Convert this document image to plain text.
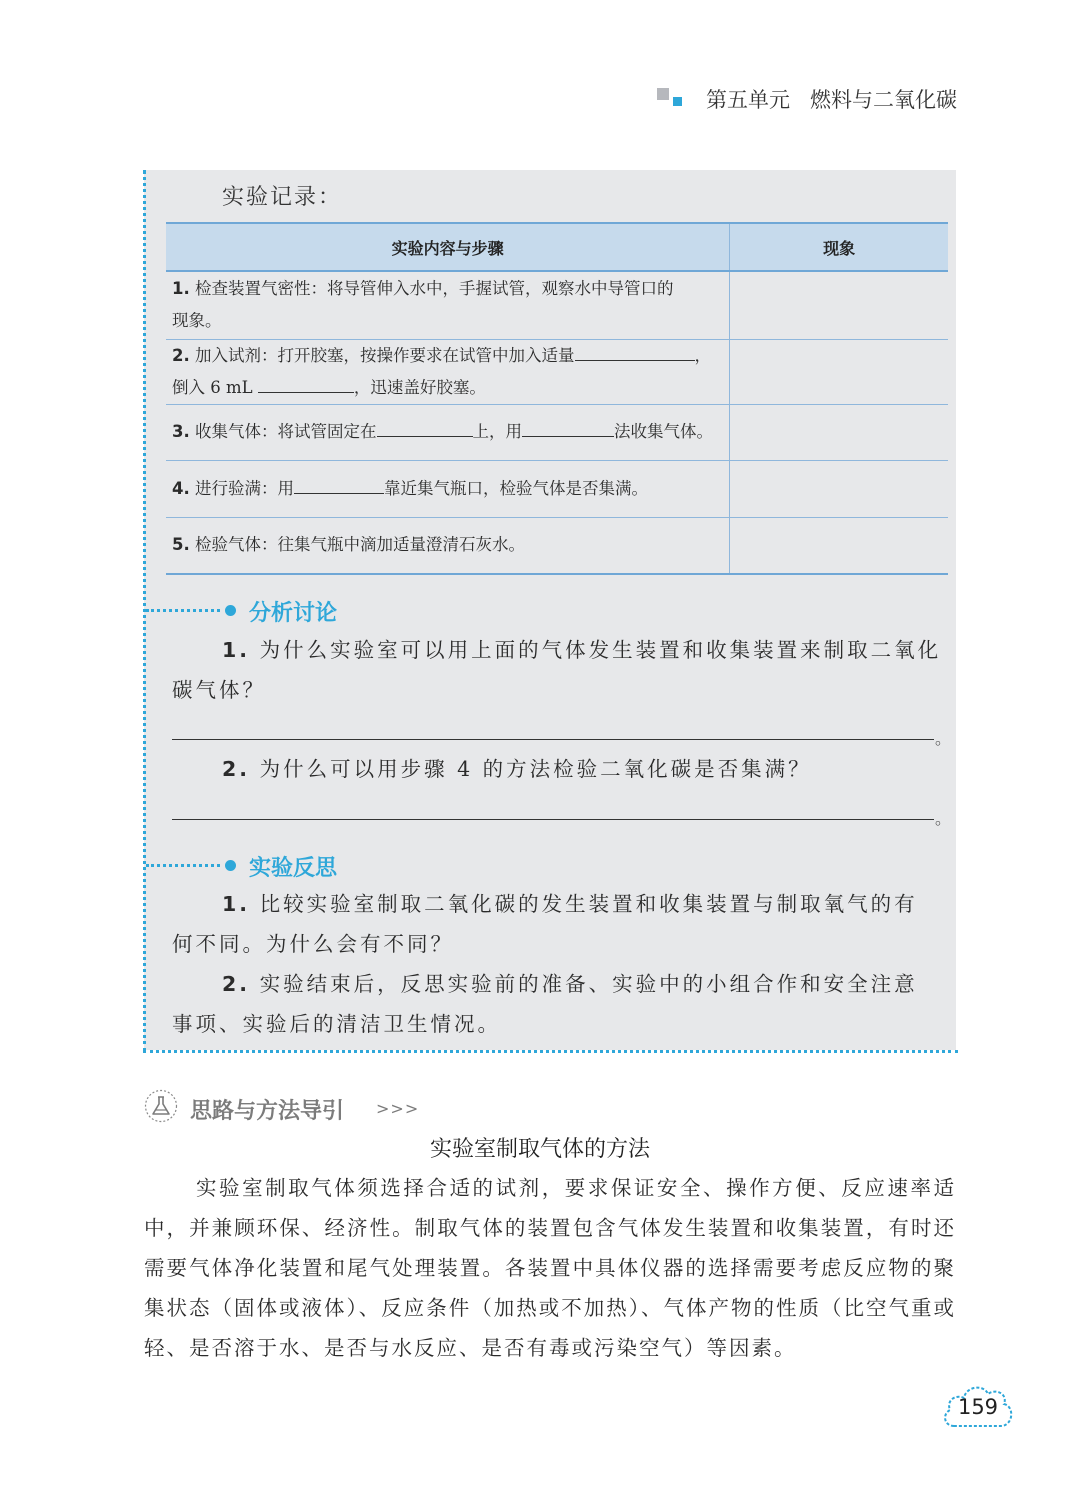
第五单元 燃料与二氧化碳
实验记录：
实验内容与步骤	现象
1. 检查装置气密性：将导管伸入水中，手握试管，观察水中导管口的
现象。	
2. 加入试剂：打开胶塞，按操作要求在试管中加入适量 ，
倒入 6 mL ，迅速盖好胶塞。	
3. 收集气体：将试管固定在 上，用 法收集气体。	
4. 进行验满：用 靠近集气瓶口，检验气体是否集满。	
5. 检验气体：往集气瓶中滴加适量澄清石灰水。	
分析讨论
1. 为什么实验室可以用上面的气体发生装置和收集装置来制取二氧化
碳气体？
。
2. 为什么可以用步骤 4 的方法检验二氧化碳是否集满？
。
实验反思
1. 比较实验室制取二氧化碳的发生装置和收集装置与制取氧气的有
何不同。为什么会有不同？
2. 实验结束后，反思实验前的准备、实验中的小组合作和安全注意
事项、实验后的清洁卫生情况。
思路与方法导引 >>>
实验室制取气体的方法
实验室制取气体须选择合适的试剂，要求保证安全、操作方便、反应速率适中，并兼顾环保、经济性。制取气体的装置包含气体发生装置和收集装置，有时还需要气体净化装置和尾气处理装置。各装置中具体仪器的选择需要考虑反应物的聚集状态（固体或液体）、反应条件（加热或不加热）、气体产物的性质（比空气重或轻、是否溶于水、是否与水反应、是否有毒或污染空气）等因素。
159
